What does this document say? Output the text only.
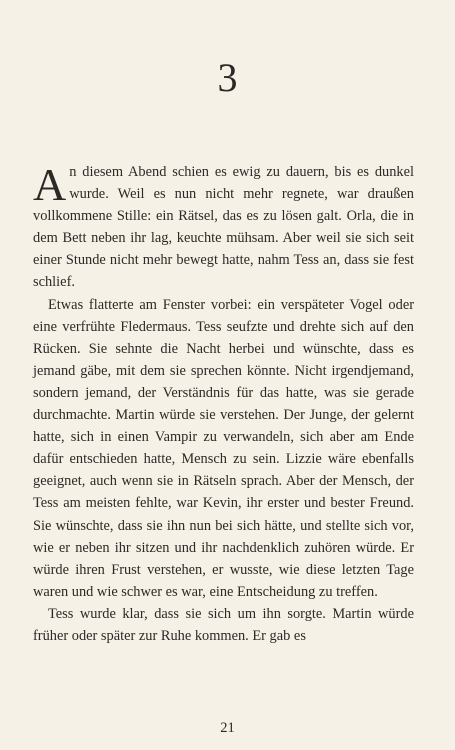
3

An diesem Abend schien es ewig zu dauern, bis es dunkel wurde. Weil es nun nicht mehr regnete, war draußen vollkommene Stille: ein Rätsel, das es zu lösen galt. Orla, die in dem Bett neben ihr lag, keuchte mühsam. Aber weil sie sich seit einer Stunde nicht mehr bewegt hatte, nahm Tess an, dass sie fest schlief.

Etwas flatterte am Fenster vorbei: ein verspäteter Vogel oder eine verfrühte Fledermaus. Tess seufzte und drehte sich auf den Rücken. Sie sehnte die Nacht herbei und wünschte, dass es jemand gäbe, mit dem sie sprechen könnte. Nicht irgendjemand, sondern jemand, der Verständnis für das hatte, was sie gerade durchmachte. Martin würde sie verstehen. Der Junge, der gelernt hatte, sich in einen Vampir zu verwandeln, sich aber am Ende dafür entschieden hatte, Mensch zu sein. Lizzie wäre ebenfalls geeignet, auch wenn sie in Rätseln sprach. Aber der Mensch, der Tess am meisten fehlte, war Kevin, ihr erster und bester Freund. Sie wünschte, dass sie ihn nun bei sich hätte, und stellte sich vor, wie er neben ihr sitzen und ihr nachdenklich zuhören würde. Er würde ihren Frust verstehen, er wusste, wie diese letzten Tage waren und wie schwer es war, eine Entscheidung zu treffen.

Tess wurde klar, dass sie sich um ihn sorgte. Martin würde früher oder später zur Ruhe kommen. Er gab es

21
